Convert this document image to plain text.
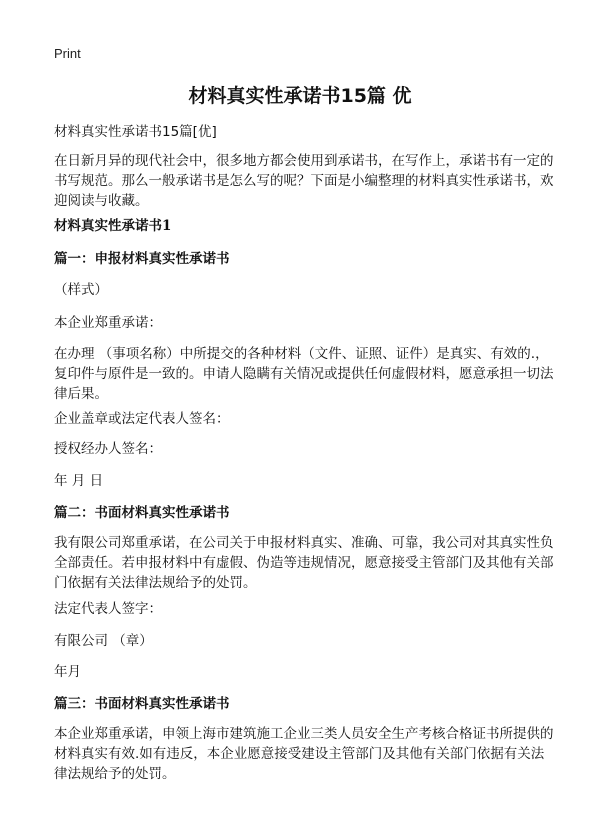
Print
材料真实性承诺书15篇 优

材料真实性承诺书15篇[优]

在日新月异的现代社会中，很多地方都会使用到承诺书，在写作上，承诺书有一定的书写规范。那么一般承诺书是怎么写的呢？下面是小编整理的材料真实性承诺书，欢迎阅读与收藏。

材料真实性承诺书1

篇一：申报材料真实性承诺书

（样式）

本企业郑重承诺：

在办理 （事项名称）中所提交的各种材料（文件、证照、证件）是真实、有效的.，复印件与原件是一致的。申请人隐瞒有关情况或提供任何虚假材料，愿意承担一切法律后果。

企业盖章或法定代表人签名：

授权经办人签名：

年 月 日

篇二：书面材料真实性承诺书

我有限公司郑重承诺，在公司关于申报材料真实、准确、可靠，我公司对其真实性负全部责任。若申报材料中有虚假、伪造等违规情况，愿意接受主管部门及其他有关部门依据有关法律法规给予的处罚。

法定代表人签字：

有限公司 （章）

年月

篇三：书面材料真实性承诺书

本企业郑重承诺，申领上海市建筑施工企业三类人员安全生产考核合格证书所提供的材料真实有效.如有违反，本企业愿意接受建设主管部门及其他有关部门依据有关法律法规给予的处罚。
